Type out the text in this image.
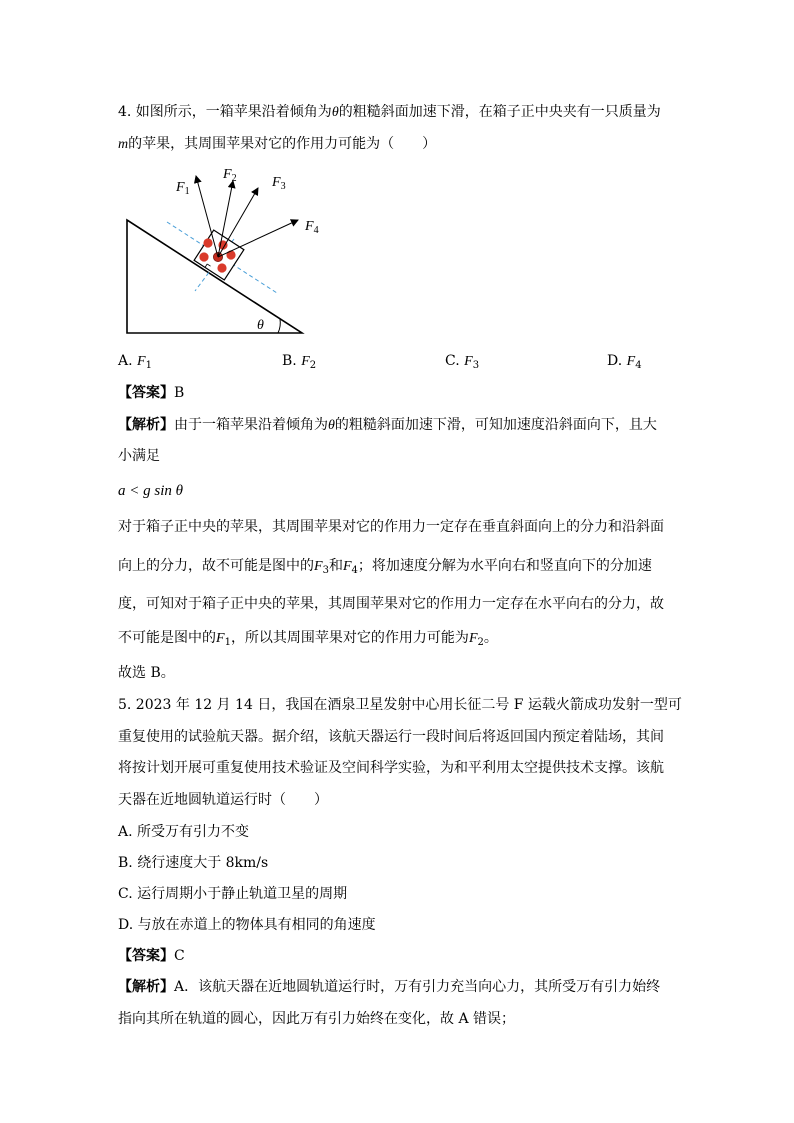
4. 如图所示，一箱苹果沿着倾角为θ的粗糙斜面加速下滑，在箱子正中央夹有一只质量为
m的苹果，其周围苹果对它的作用力可能为（　　）
θ
$F_1$
$F_2$	$F_3$
$F_4$
A. $F_1$	B. $F_2$	C. $F_3$	D. $F_4$
【答案】B
【解析】由于一箱苹果沿着倾角为θ的粗糙斜面加速下滑，可知加速度沿斜面向下，且大
小满足
a < g sin θ
对于箱子正中央的苹果，其周围苹果对它的作用力一定存在垂直斜面向上的分力和沿斜面
向上的分力，故不可能是图中的$F_3$和$F_4$；将加速度分解为水平向右和竖直向下的分加速
度，可知对于箱子正中央的苹果，其周围苹果对它的作用力一定存在水平向右的分力，故
不可能是图中的$F_1$，所以其周围苹果对它的作用力可能为$F_2$。
故选 B。
5. 2023 年 12 月 14 日，我国在酒泉卫星发射中心用长征二号 F 运载火箭成功发射一型可
重复使用的试验航天器。据介绍，该航天器运行一段时间后将返回国内预定着陆场，其间
将按计划开展可重复使用技术验证及空间科学实验，为和平利用太空提供技术支撑。该航
天器在近地圆轨道运行时（　　）
A. 所受万有引力不变
B. 绕行速度大于 8km/s
C. 运行周期小于静止轨道卫星的周期
D. 与放在赤道上的物体具有相同的角速度
【答案】C
【解析】A．该航天器在近地圆轨道运行时，万有引力充当向心力，其所受万有引力始终
指向其所在轨道的圆心，因此万有引力始终在变化，故 A 错误；
